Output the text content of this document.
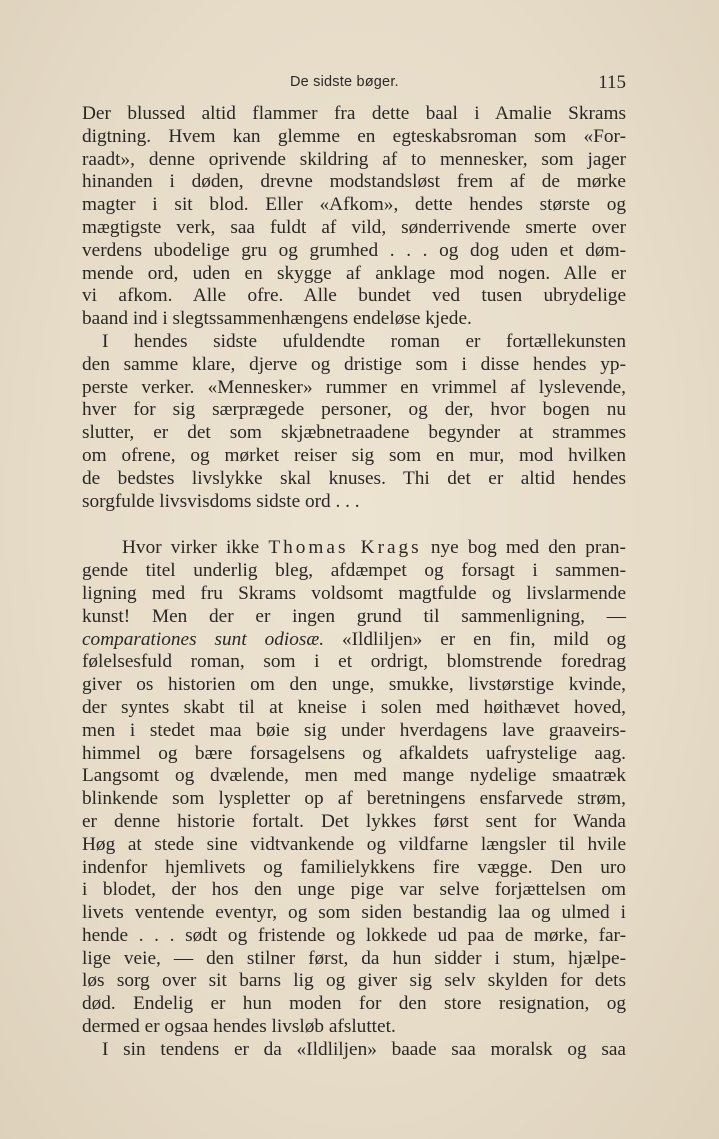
De sidste bøger.	115
Der blussed altid flammer fra dette baal i Amalie Skrams
digtning. Hvem kan glemme en egteskabsroman som «For-
raadt», denne oprivende skildring af to mennesker, som jager
hinanden i døden, drevne modstandsløst frem af de mørke
magter i sit blod. Eller «Afkom», dette hendes største og
mægtigste verk, saa fuldt af vild, sønderrivende smerte over
verdens ubodelige gru og grumhed . . . og dog uden et døm-
mende ord, uden en skygge af anklage mod nogen. Alle er
vi afkom. Alle ofre. Alle bundet ved tusen ubrydelige
baand ind i slegtssammenhængens endeløse kjede.
I hendes sidste ufuldendte roman er fortællekunsten
den samme klare, djerve og dristige som i disse hendes yp-
perste verker. «Mennesker» rummer en vrimmel af lyslevende,
hver for sig særprægede personer, og der, hvor bogen nu
slutter, er det som skjæbnetraadene begynder at strammes
om ofrene, og mørket reiser sig som en mur, mod hvilken
de bedstes livslykke skal knuses. Thi det er altid hendes
sorgfulde livsvisdoms sidste ord . . .
Hvor virker ikke Thomas Krags nye bog med den pran-
gende titel underlig bleg, afdæmpet og forsagt i sammen-
ligning med fru Skrams voldsomt magtfulde og livslarmende
kunst! Men der er ingen grund til sammenligning, —
comparationes sunt odiosæ. «Ildliljen» er en fin, mild og
følelsesfuld roman, som i et ordrigt, blomstrende foredrag
giver os historien om den unge, smukke, livstørstige kvinde,
der syntes skabt til at kneise i solen med høithævet hoved,
men i stedet maa bøie sig under hverdagens lave graaveirs-
himmel og bære forsagelsens og afkaldets uafrystelige aag.
Langsomt og dvælende, men med mange nydelige smaatræk
blinkende som lyspletter op af beretningens ensfarvede strøm,
er denne historie fortalt. Det lykkes først sent for Wanda
Høg at stede sine vidtvankende og vildfarne længsler til hvile
indenfor hjemlivets og familielykkens fire vægge. Den uro
i blodet, der hos den unge pige var selve forjættelsen om
livets ventende eventyr, og som siden bestandig laa og ulmed i
hende . . . sødt og fristende og lokkede ud paa de mørke, far-
lige veie, — den stilner først, da hun sidder i stum, hjælpe-
løs sorg over sit barns lig og giver sig selv skylden for dets
død. Endelig er hun moden for den store resignation, og
dermed er ogsaa hendes livsløb afsluttet.
I sin tendens er da «Ildliljen» baade saa moralsk og saa
